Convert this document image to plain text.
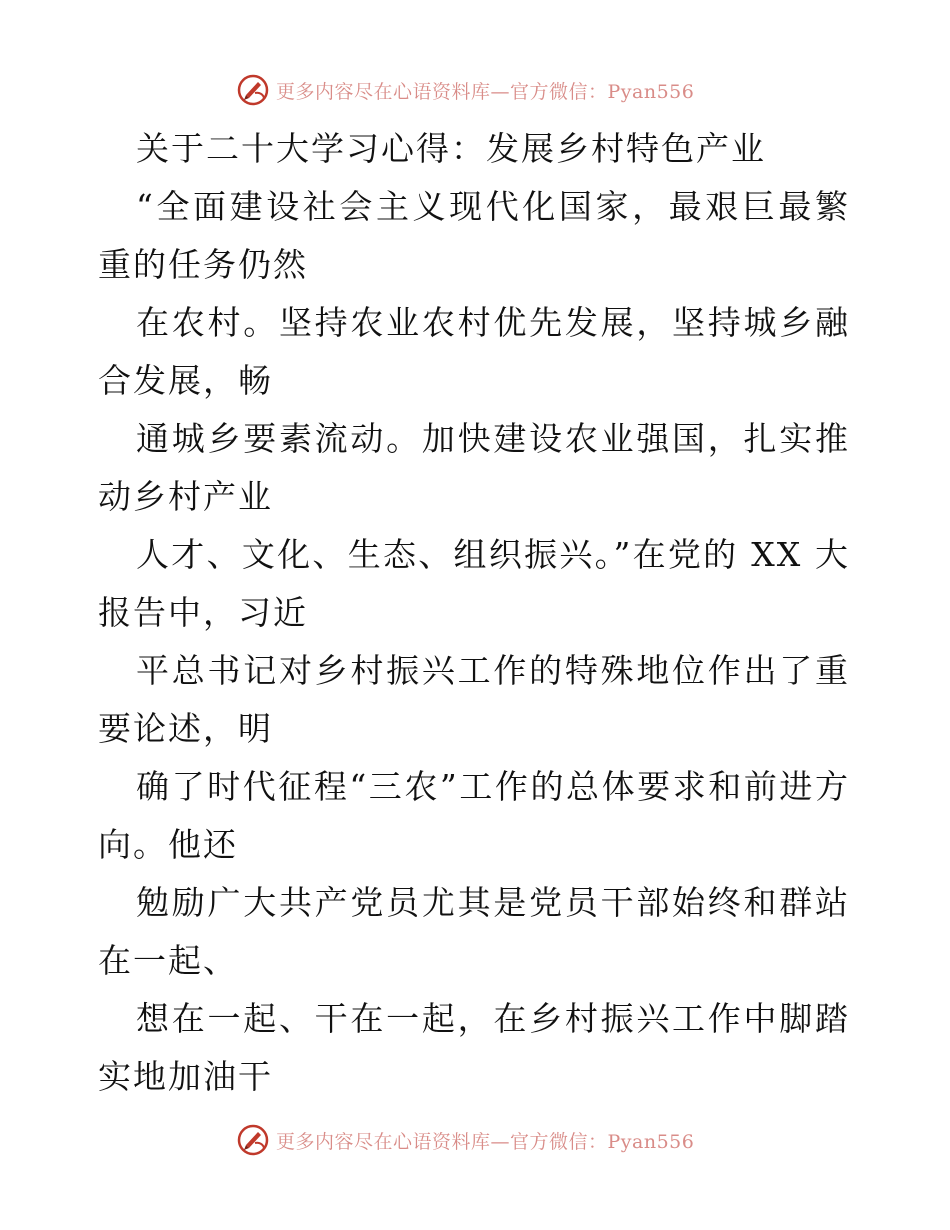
更多内容尽在心语资料库—官方微信：Pyan556
关于二十大学习心得：发展乡村特色产业

“全面建设社会主义现代化国家，最艰巨最繁重的任务仍然

在农村。坚持农业农村优先发展，坚持城乡融合发展，畅

通城乡要素流动。加快建设农业强国，扎实推动乡村产业

人才、文化、生态、组织振兴。”在党的 XX 大报告中，习近

平总书记对乡村振兴工作的特殊地位作出了重要论述，明

确了时代征程“三农”工作的总体要求和前进方向。他还

勉励广大共产党员尤其是党员干部始终和群站在一起、

想在一起、干在一起，在乡村振兴工作中脚踏实地加油干

更多内容尽在心语资料库—官方微信：Pyan556
